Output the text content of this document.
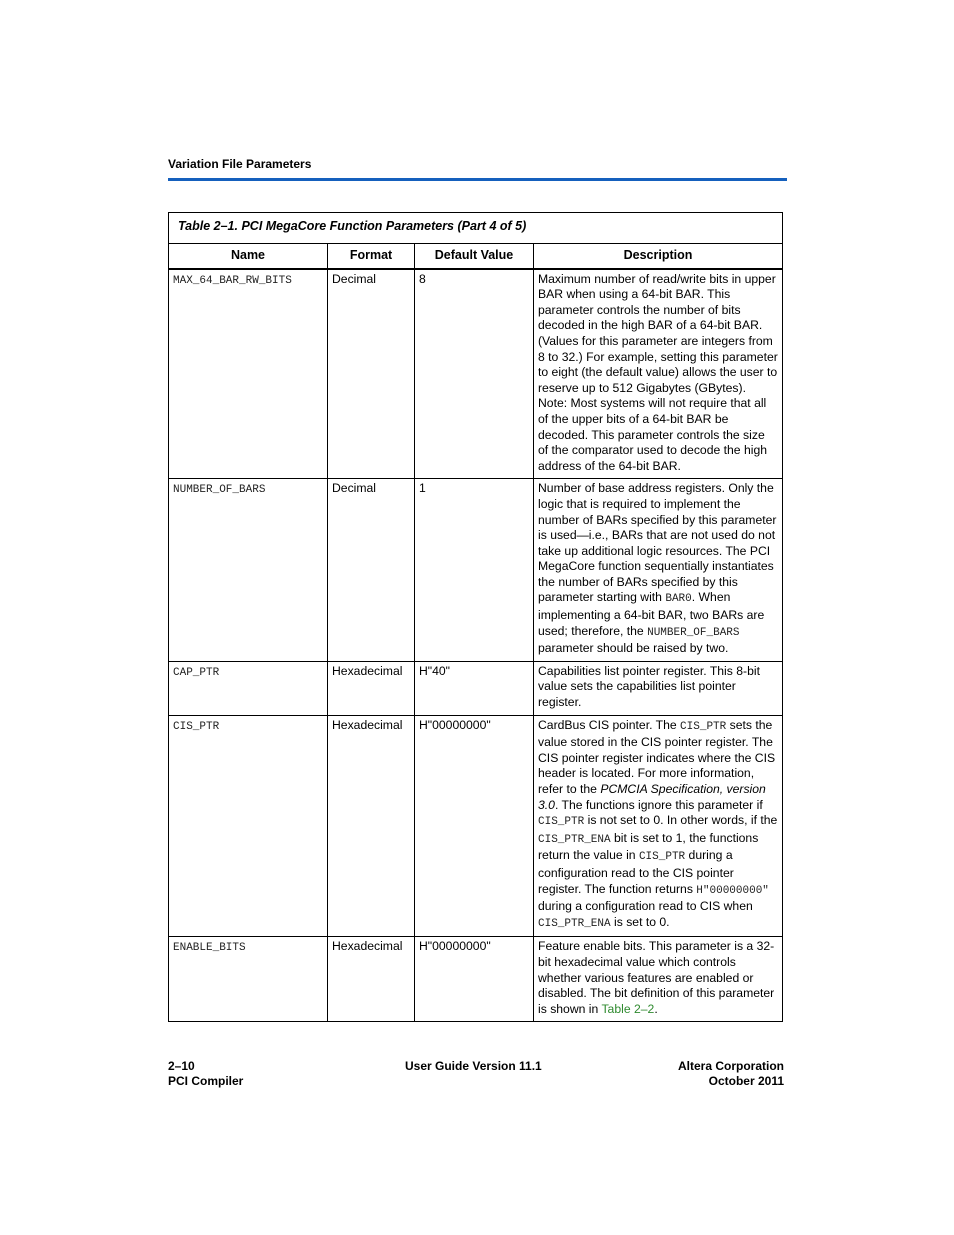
Variation File Parameters
Table 2–1. PCI MegaCore Function Parameters (Part 4 of 5)			
Name	Format	Default Value	Description
MAX_64_BAR_RW_BITS	Decimal	8	Maximum number of read/write bits in upper BAR when using a 64-bit BAR. This parameter controls the number of bits decoded in the high BAR of a 64-bit BAR. (Values for this parameter are integers from 8 to 32.) For example, setting this parameter to eight (the default value) allows the user to reserve up to 512 Gigabytes (GBytes). Note: Most systems will not require that all of the upper bits of a 64-bit BAR be decoded. This parameter controls the size of the comparator used to decode the high address of the 64-bit BAR.
NUMBER_OF_BARS	Decimal	1	Number of base address registers. Only the logic that is required to implement the number of BARs specified by this parameter is used—i.e., BARs that are not used do not take up additional logic resources. The PCI MegaCore function sequentially instantiates the number of BARs specified by this parameter starting with BAR0. When implementing a 64-bit BAR, two BARs are used; therefore, the NUMBER_OF_BARS parameter should be raised by two.
CAP_PTR	Hexadecimal	H"40"	Capabilities list pointer register. This 8-bit value sets the capabilities list pointer register.
CIS_PTR	Hexadecimal	H"00000000"	CardBus CIS pointer. The CIS_PTR sets the value stored in the CIS pointer register. The CIS pointer register indicates where the CIS header is located. For more information, refer to the PCMCIA Specification, version 3.0. The functions ignore this parameter if CIS_PTR is not set to 0. In other words, if the CIS_PTR_ENA bit is set to 1, the functions return the value in CIS_PTR during a configuration read to the CIS pointer register. The function returns H"00000000" during a configuration read to CIS when CIS_PTR_ENA is set to 0.
ENABLE_BITS	Hexadecimal	H"00000000"	Feature enable bits. This parameter is a 32-bit hexadecimal value which controls whether various features are enabled or disabled. The bit definition of this parameter is shown in Table 2–2.
2–10
PCI Compiler
User Guide Version 11.1	Altera Corporation
October 2011
